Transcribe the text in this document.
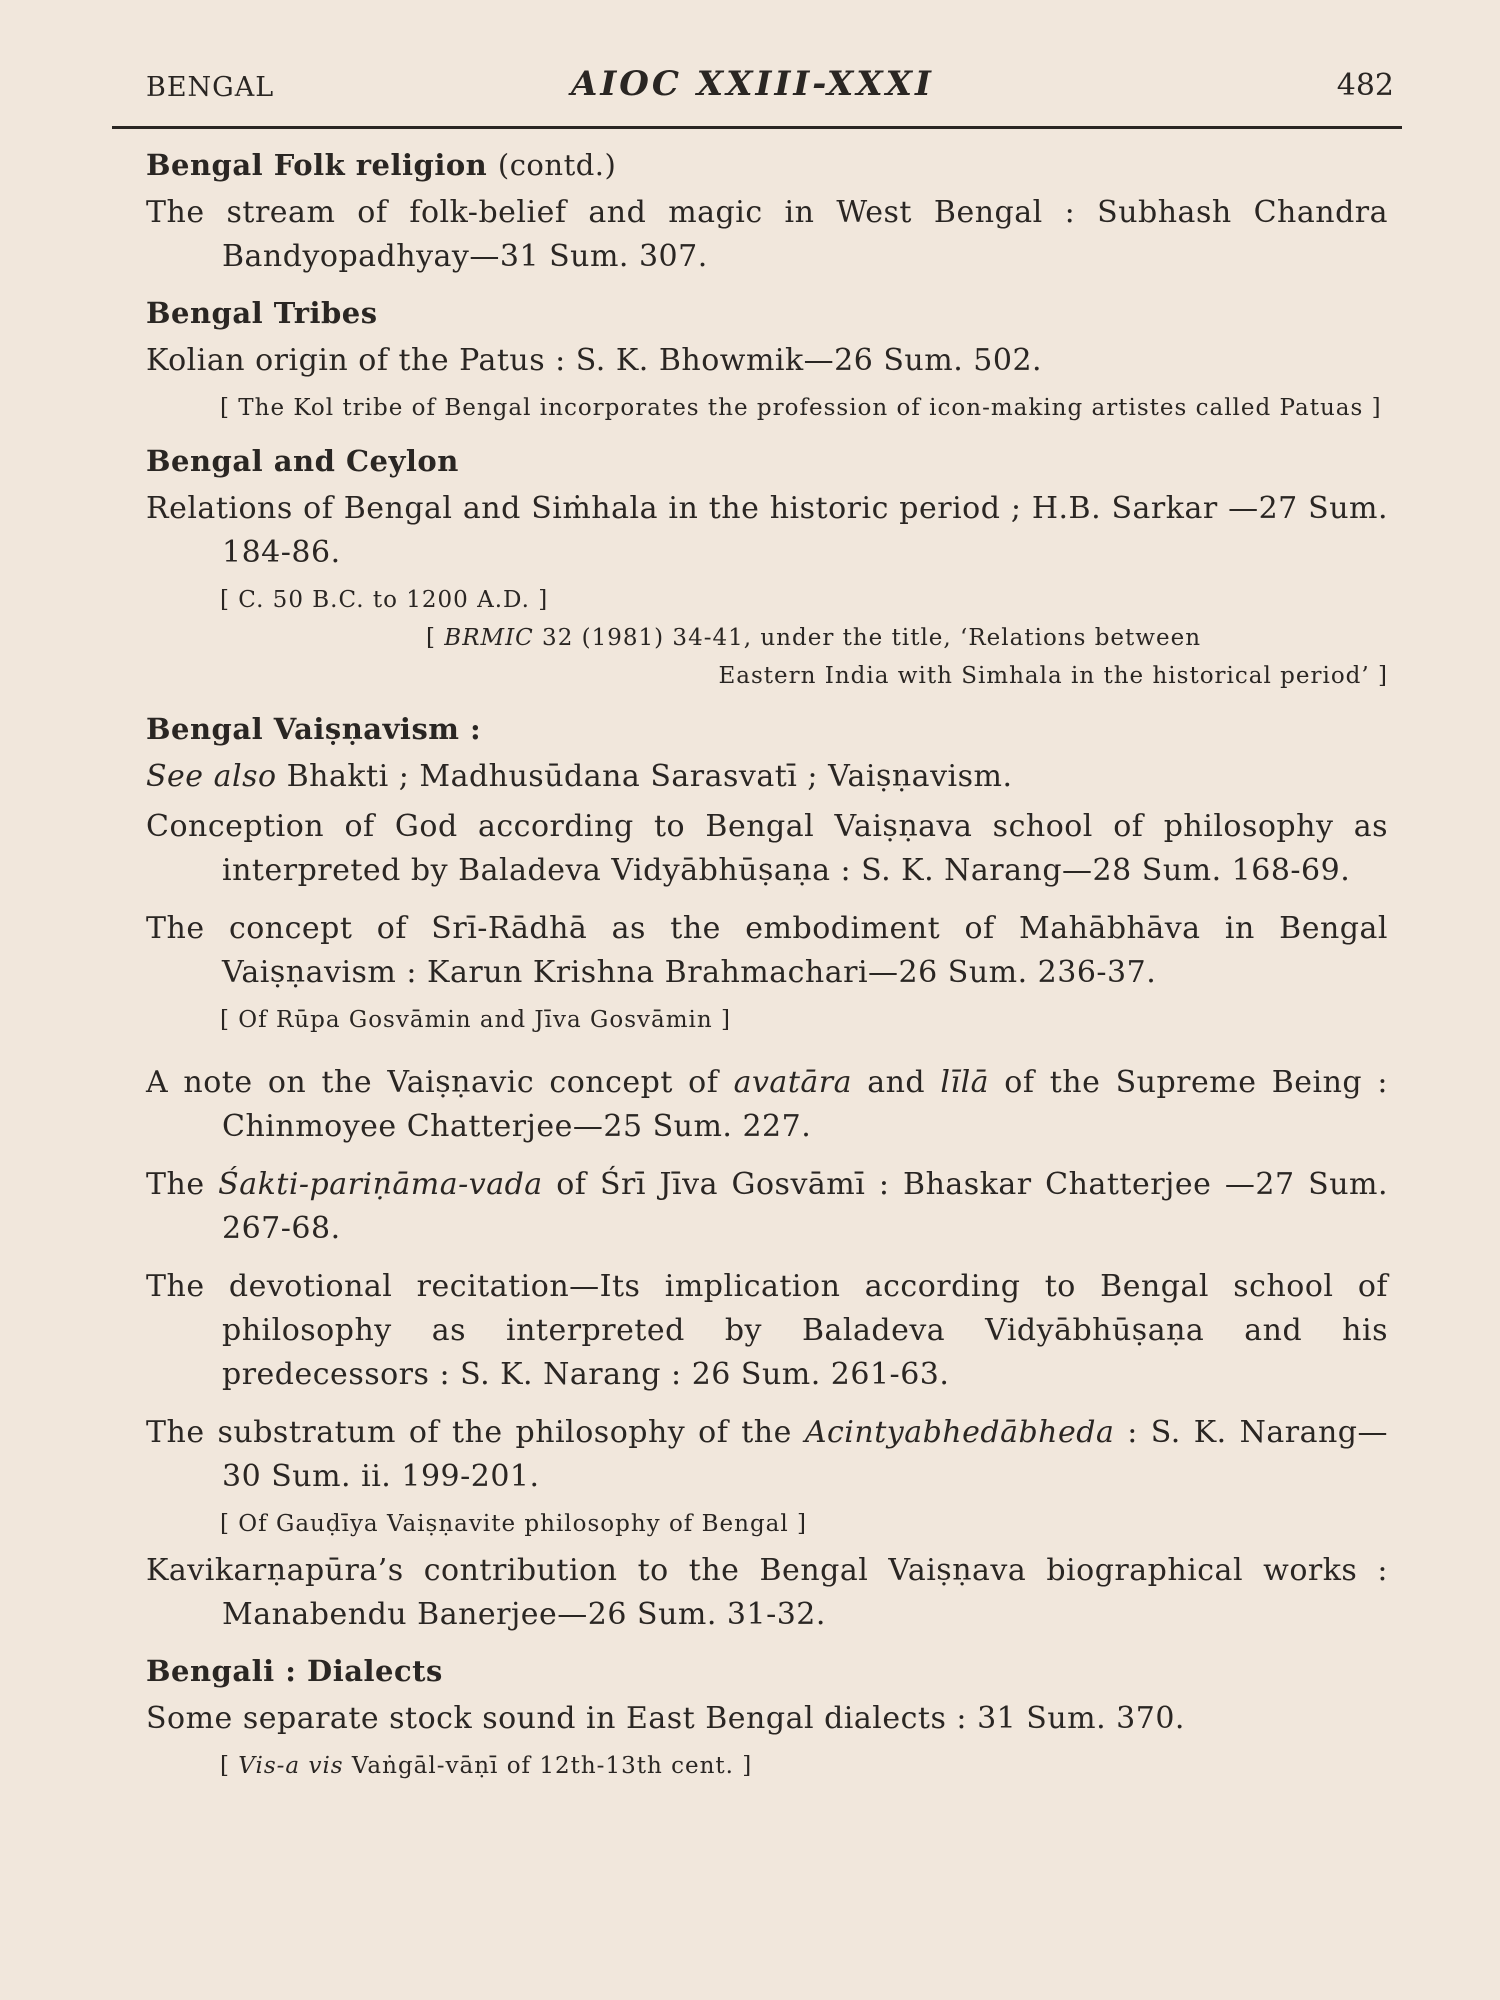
BENGAL	AIOC XXIII-XXXI	482
Bengal Folk religion (contd.)
The stream of folk-belief and magic in West Bengal : Subhash Chandra Bandyopadhyay—31 Sum. 307.
Bengal Tribes
Kolian origin of the Patus : S. K. Bhowmik—26 Sum. 502.
[ The Kol tribe of Bengal incorporates the profession of icon-making artistes called Patuas ]
Bengal and Ceylon
Relations of Bengal and Siṁhala in the historic period ; H.B. Sarkar —27 Sum. 184-86.
[ C. 50 B.C. to 1200 A.D. ]
[ BRMIC 32 (1981) 34-41, under the title, ‘Relations between
Eastern India with Simhala in the historical period’ ]
Bengal Vaiṣṇavism :
See also Bhakti ; Madhusūdana Sarasvatī ; Vaiṣṇavism.
Conception of God according to Bengal Vaiṣṇava school of philosophy as interpreted by Baladeva Vidyābhūṣaṇa : S. K. Narang—28 Sum. 168-69.
The concept of Srī-Rādhā as the embodiment of Mahābhāva in Bengal Vaiṣṇavism : Karun Krishna Brahmachari—26 Sum. 236-37.
[ Of Rūpa Gosvāmin and Jīva Gosvāmin ]
A note on the Vaiṣṇavic concept of avatāra and līlā of the Supreme Being : Chinmoyee Chatterjee—25 Sum. 227.
The Śakti-pariṇāma-vada of Śrī Jīva Gosvāmī : Bhaskar Chatterjee —27 Sum. 267-68.
The devotional recitation—Its implication according to Bengal school of philosophy as interpreted by Baladeva Vidyābhūṣaṇa and his predecessors : S. K. Narang : 26 Sum. 261-63.
The substratum of the philosophy of the Acintyabhedābheda : S. K. Narang—30 Sum. ii. 199-201.
[ Of Gauḍīya Vaiṣṇavite philosophy of Bengal ]
Kavikarṇapūra’s contribution to the Bengal Vaiṣṇava biographical works : Manabendu Banerjee—26 Sum. 31-32.
Bengali : Dialects
Some separate stock sound in East Bengal dialects : 31 Sum. 370.
[ Vis-a vis Vaṅgāl-vāṇī of 12th-13th cent. ]
